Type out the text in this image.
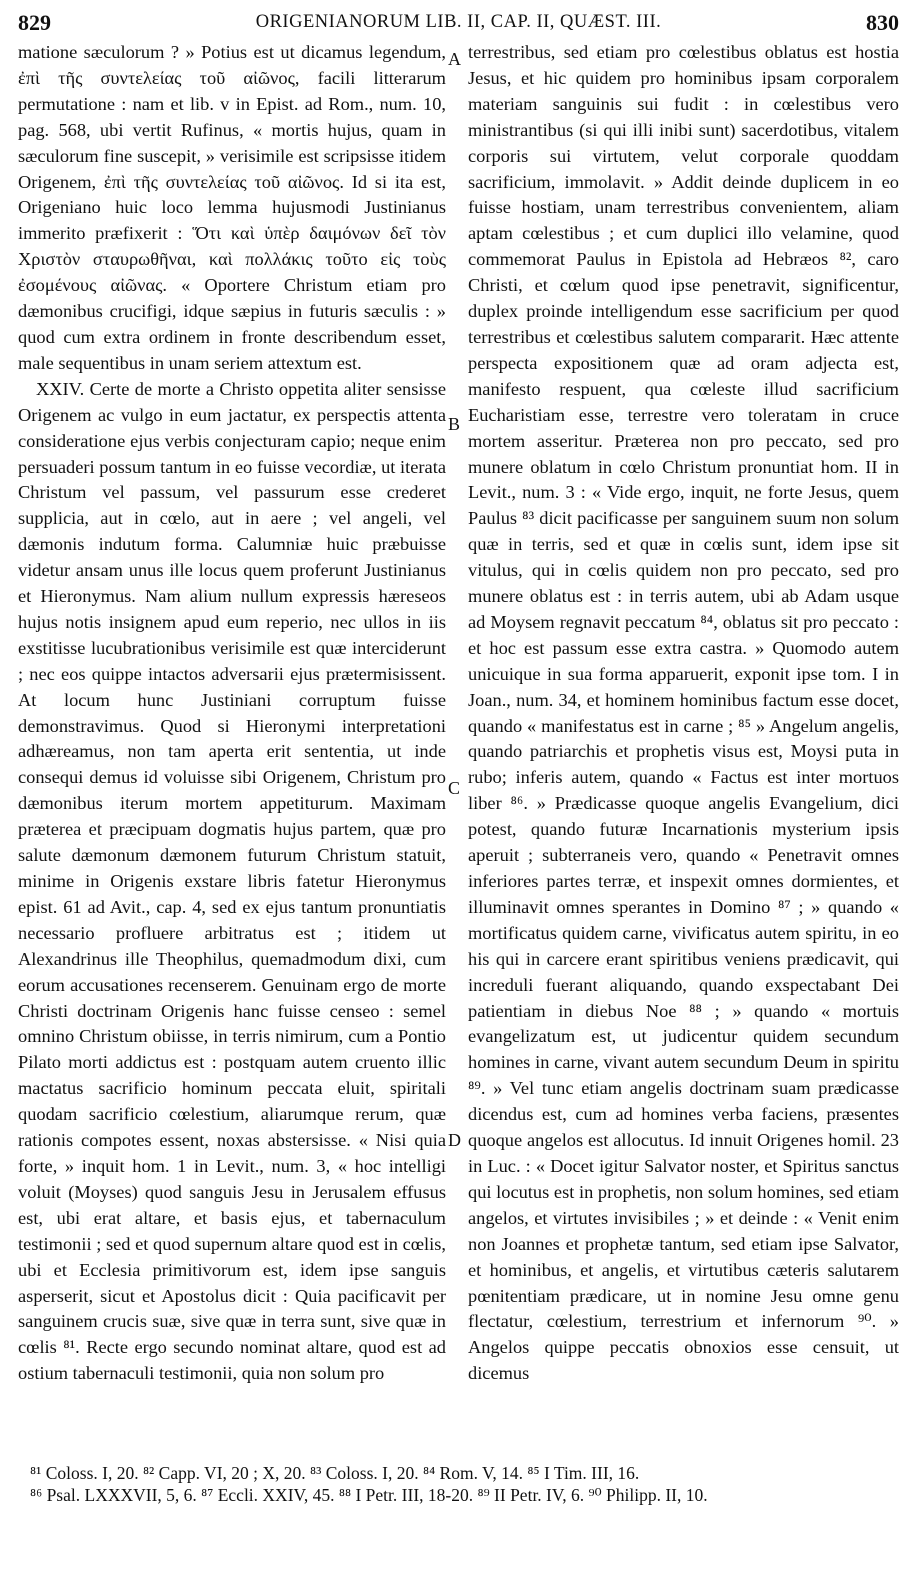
829	ORIGENIANORUM LIB. II, CAP. II, QUÆST. III.	830

matione sæculorum ? » Potius est ut dicamus legendum, ἐπὶ τῆς συντελείας τοῦ αἰῶνος, facili litterarum permutatione : nam et lib. v in Epist. ad Rom., num. 10, pag. 568, ubi vertit Rufinus, « mortis hujus, quam in sæculorum fine suscepit, » verisimile est scripsisse itidem Origenem, ἐπὶ τῆς συντελείας τοῦ αἰῶνος. Id si ita est, Origeniano huic loco lemma hujusmodi Justinianus immerito præfixerit : Ὅτι καὶ ὑπὲρ δαιμόνων δεῖ τὸν Χριστὸν σταυρωθῆναι, καὶ πολλάκις τοῦτο εἰς τοὺς ἐσομένους αἰῶνας. « Oportere Christum etiam pro dæmonibus crucifigi, idque sæpius in futuris sæculis : » quod cum extra ordinem in fronte describendum esset, male sequentibus in unam seriem attextum est.

XXIV. Certe de morte a Christo oppetita aliter sensisse Origenem ac vulgo in eum jactatur, ex perspectis attenta consideratione ejus verbis conjecturam capio; neque enim persuaderi possum tantum in eo fuisse vecordiæ, ut iterata Christum vel passum, vel passurum esse crederet supplicia, aut in cœlo, aut in aere ; vel angeli, vel dæmonis indutum forma. Calumniæ huic præbuisse videtur ansam unus ille locus quem proferunt Justinianus et Hieronymus. Nam alium nullum expressis hæreseos hujus notis insignem apud eum reperio, nec ullos in iis exstitisse lucubrationibus verisimile est quæ interciderunt ; nec eos quippe intactos adversarii ejus prætermisissent. At locum hunc Justiniani corruptum fuisse demonstravimus. Quod si Hieronymi interpretationi adhæreamus, non tam aperta erit sententia, ut inde consequi demus id voluisse sibi Origenem, Christum pro dæmonibus iterum mortem appetiturum. Maximam præterea et præcipuam dogmatis hujus partem, quæ pro salute dæmonum dæmonem futurum Christum statuit, minime in Origenis exstare libris fatetur Hieronymus epist. 61 ad Avit., cap. 4, sed ex ejus tantum pronuntiatis necessario profluere arbitratus est ; itidem ut Alexandrinus ille Theophilus, quemadmodum dixi, cum eorum accusationes recenserem. Genuinam ergo de morte Christi doctrinam Origenis hanc fuisse censeo : semel omnino Christum obiisse, in terris nimirum, cum a Pontio Pilato morti addictus est : postquam autem cruento illic mactatus sacrificio hominum peccata eluit, spiritali quodam sacrificio cœlestium, aliarumque rerum, quæ rationis compotes essent, noxas abstersisse. « Nisi quia forte, » inquit hom. 1 in Levit., num. 3, « hoc intelligi voluit (Moyses) quod sanguis Jesu in Jerusalem effusus est, ubi erat altare, et basis ejus, et tabernaculum testimonii ; sed et quod supernum altare quod est in cœlis, ubi et Ecclesia primitivorum est, idem ipse sanguis asperserit, sicut et Apostolus dicit : Quia pacificavit per sanguinem crucis suæ, sive quæ in terra sunt, sive quæ in cœlis ⁸¹. Recte ergo secundo nominat altare, quod est ad ostium tabernaculi testimonii, quia non solum pro

A
B
C
D

terrestribus, sed etiam pro cœlestibus oblatus est hostia Jesus, et hic quidem pro hominibus ipsam corporalem materiam sanguinis sui fudit : in cœlestibus vero ministrantibus (si qui illi inibi sunt) sacerdotibus, vitalem corporis sui virtutem, velut corporale quoddam sacrificium, immolavit. » Addit deinde duplicem in eo fuisse hostiam, unam terrestribus convenientem, aliam aptam cœlestibus ; et cum duplici illo velamine, quod commemorat Paulus in Epistola ad Hebræos ⁸², caro Christi, et cœlum quod ipse penetravit, significentur, duplex proinde intelligendum esse sacrificium per quod terrestribus et cœlestibus salutem compararit. Hæc attente perspecta expositionem quæ ad oram adjecta est, manifesto respuent, qua cœleste illud sacrificium Eucharistiam esse, terrestre vero toleratam in cruce mortem asseritur. Præterea non pro peccato, sed pro munere oblatum in cœlo Christum pronuntiat hom. II in Levit., num. 3 : « Vide ergo, inquit, ne forte Jesus, quem Paulus ⁸³ dicit pacificasse per sanguinem suum non solum quæ in terris, sed et quæ in cœlis sunt, idem ipse sit vitulus, qui in cœlis quidem non pro peccato, sed pro munere oblatus est : in terris autem, ubi ab Adam usque ad Moysem regnavit peccatum ⁸⁴, oblatus sit pro peccato : et hoc est passum esse extra castra. » Quomodo autem unicuique in sua forma apparuerit, exponit ipse tom. I in Joan., num. 34, et hominem hominibus factum esse docet, quando « manifestatus est in carne ; ⁸⁵ » Angelum angelis, quando patriarchis et prophetis visus est, Moysi puta in rubo; inferis autem, quando « Factus est inter mortuos liber ⁸⁶. » Prædicasse quoque angelis Evangelium, dici potest, quando futuræ Incarnationis mysterium ipsis aperuit ; subterraneis vero, quando « Penetravit omnes inferiores partes terræ, et inspexit omnes dormientes, et illuminavit omnes sperantes in Domino ⁸⁷ ; » quando « mortificatus quidem carne, vivificatus autem spiritu, in eo his qui in carcere erant spiritibus veniens prædicavit, qui increduli fuerant aliquando, quando exspectabant Dei patientiam in diebus Noe ⁸⁸ ; » quando « mortuis evangelizatum est, ut judicentur quidem secundum homines in carne, vivant autem secundum Deum in spiritu ⁸⁹. » Vel tunc etiam angelis doctrinam suam prædicasse dicendus est, cum ad homines verba faciens, præsentes quoque angelos est allocutus. Id innuit Origenes homil. 23 in Luc. : « Docet igitur Salvator noster, et Spiritus sanctus qui locutus est in prophetis, non solum homines, sed etiam angelos, et virtutes invisibiles ; » et deinde : « Venit enim non Joannes et prophetæ tantum, sed etiam ipse Salvator, et hominibus, et angelis, et virtutibus cæteris salutarem pœnitentiam prædicare, ut in nomine Jesu omne genu flectatur, cœlestium, terrestrium et infernorum ⁹⁰. » Angelos quippe peccatis obnoxios esse censuit, ut dicemus

⁸¹ Coloss. I, 20. ⁸² Capp. VI, 20 ; X, 20. ⁸³ Coloss. I, 20. ⁸⁴ Rom. V, 14. ⁸⁵ I Tim. III, 16.
⁸⁶ Psal. LXXXVII, 5, 6. ⁸⁷ Eccli. XXIV, 45. ⁸⁸ I Petr. III, 18-20. ⁸⁹ II Petr. IV, 6. ⁹⁰ Philipp. II, 10.
